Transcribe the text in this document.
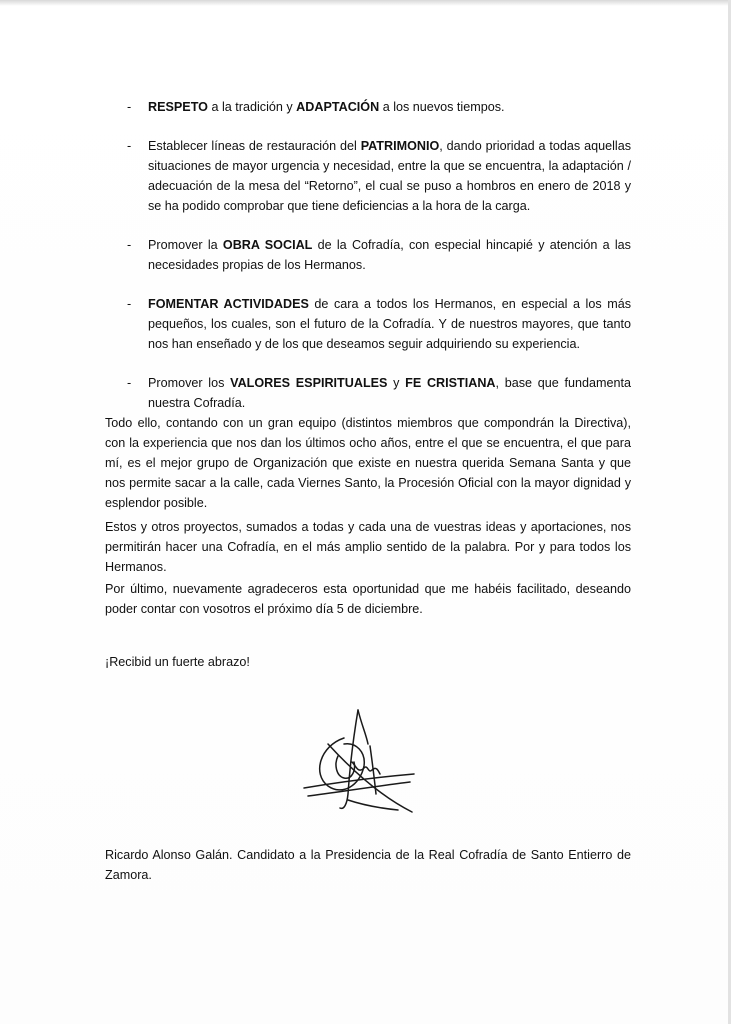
- RESPETO a la tradición y ADAPTACIÓN a los nuevos tiempos.
- Establecer líneas de restauración del PATRIMONIO, dando prioridad a todas aquellas situaciones de mayor urgencia y necesidad, entre la que se encuentra, la adaptación / adecuación de la mesa del “Retorno”, el cual se puso a hombros en enero de 2018 y se ha podido comprobar que tiene deficiencias a la hora de la carga.
- Promover la OBRA SOCIAL de la Cofradía, con especial hincapié y atención a las necesidades propias de los Hermanos.
- FOMENTAR ACTIVIDADES de cara a todos los Hermanos, en especial a los más pequeños, los cuales, son el futuro de la Cofradía. Y de nuestros mayores, que tanto nos han enseñado y de los que deseamos seguir adquiriendo su experiencia.
- Promover los VALORES ESPIRITUALES y FE CRISTIANA, base que fundamenta nuestra Cofradía.

Todo ello, contando con un gran equipo (distintos miembros que compondrán la Directiva), con la experiencia que nos dan los últimos ocho años, entre el que se encuentra, el que para mí, es el mejor grupo de Organización que existe en nuestra querida Semana Santa y que nos permite sacar a la calle, cada Viernes Santo, la Procesión Oficial con la mayor dignidad y esplendor posible.

Estos y otros proyectos, sumados a todas y cada una de vuestras ideas y aportaciones, nos permitirán hacer una Cofradía, en el más amplio sentido de la palabra. Por y para todos los Hermanos.

Por último, nuevamente agradeceros esta oportunidad que me habéis facilitado, deseando poder contar con vosotros el próximo día 5 de diciembre.

¡Recibid un fuerte abrazo!

Ricardo Alonso Galán. Candidato a la Presidencia de la Real Cofradía de Santo Entierro de Zamora.
